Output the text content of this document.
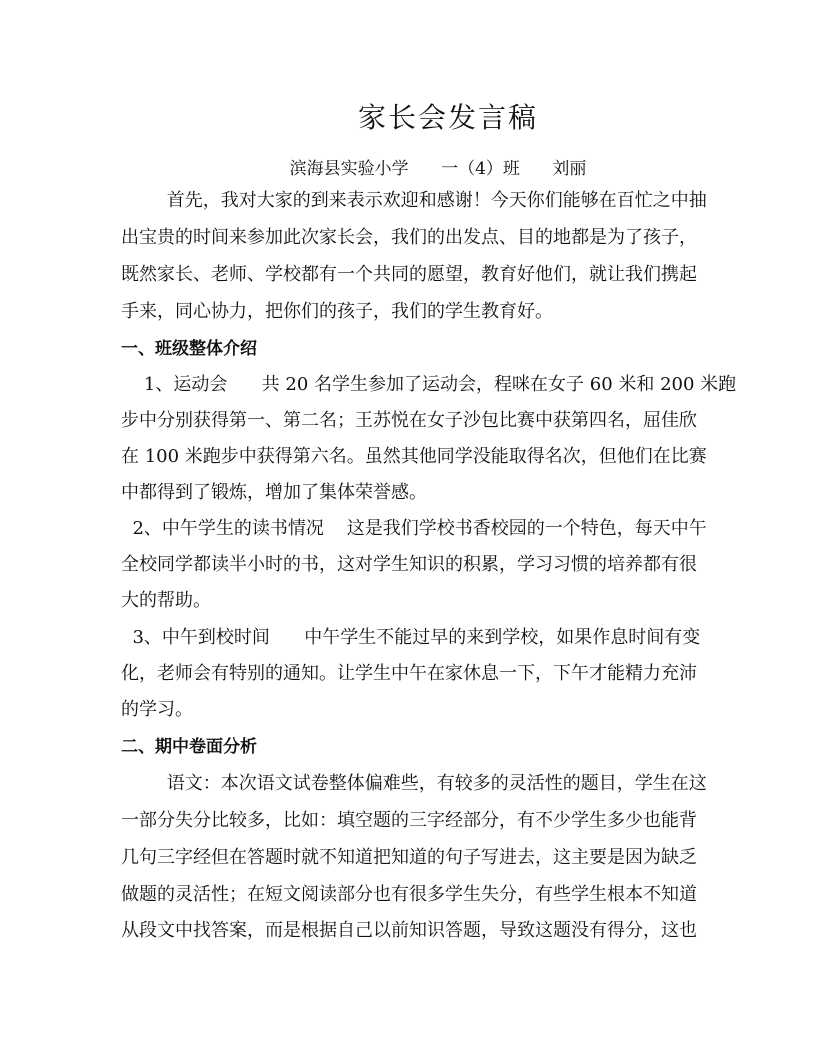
家长会发言稿
滨海县实验小学      一（4）班      刘丽
首先，我对大家的到来表示欢迎和感谢！今天你们能够在百忙之中抽
出宝贵的时间来参加此次家长会，我们的出发点、目的地都是为了孩子，
既然家长、老师、学校都有一个共同的愿望，教育好他们，就让我们携起
手来，同心协力，把你们的孩子，我们的学生教育好。
一、班级整体介绍
1、运动会      共 20 名学生参加了运动会，程咪在女子 60 米和 200 米跑
步中分别获得第一、第二名；王苏悦在女子沙包比赛中获第四名，屈佳欣
在 100 米跑步中获得第六名。虽然其他同学没能取得名次，但他们在比赛
中都得到了锻炼，增加了集体荣誉感。
2、中午学生的读书情况    这是我们学校书香校园的一个特色，每天中午
全校同学都读半小时的书，这对学生知识的积累，学习习惯的培养都有很
大的帮助。
3、中午到校时间      中午学生不能过早的来到学校，如果作息时间有变
化，老师会有特别的通知。让学生中午在家休息一下，下午才能精力充沛
的学习。
二、期中卷面分析
语文：本次语文试卷整体偏难些，有较多的灵活性的题目，学生在这
一部分失分比较多，比如：填空题的三字经部分，有不少学生多少也能背
几句三字经但在答题时就不知道把知道的句子写进去，这主要是因为缺乏
做题的灵活性；在短文阅读部分也有很多学生失分，有些学生根本不知道
从段文中找答案，而是根据自己以前知识答题，导致这题没有得分，这也
